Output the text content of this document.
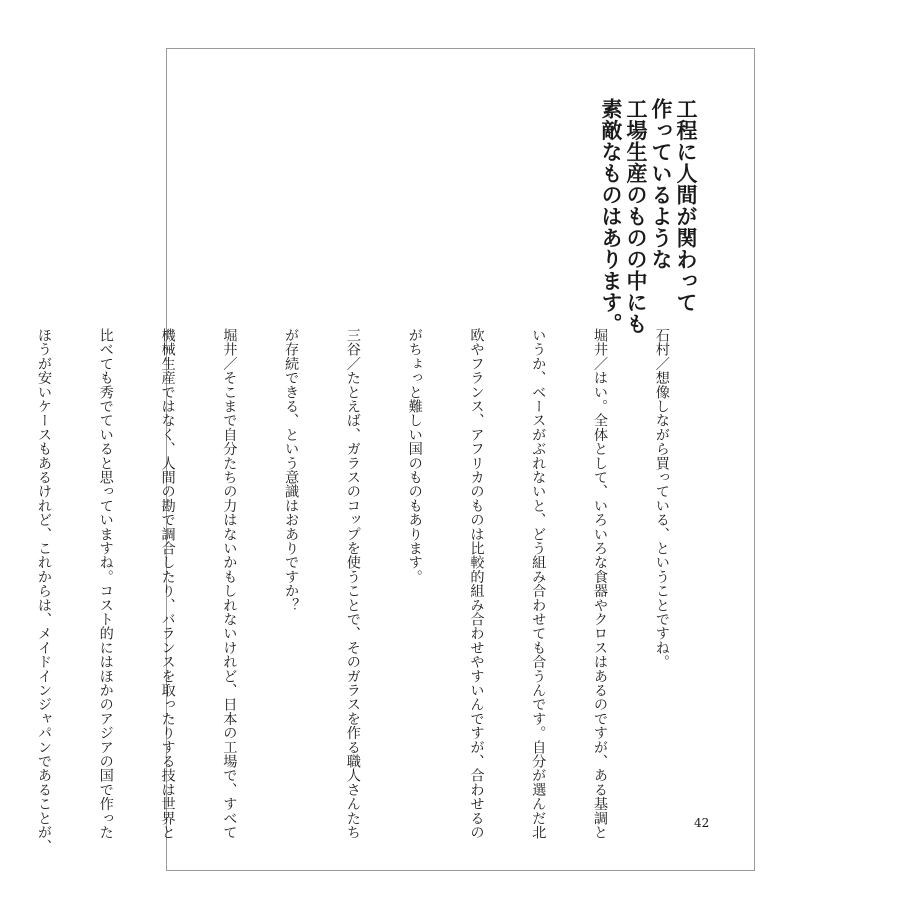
工程に人間が関わって
作っているような
工場生産のものの中にも
素敵なものはあります。

石村／想像しながら買っている、ということですね。

堀井／はい。全体として、いろいろな食器やクロスはあるのですが、ある基調と

いうか、ベースがぶれないと、どう組み合わせても合うんです。自分が選んだ北

欧やフランス、アフリカのものは比較的組み合わせやすいんですが、合わせるの

がちょっと難しい国のものもあります。

三谷／たとえば、ガラスのコップを使うことで、そのガラスを作る職人さんたち

が存続できる、という意識はおありですか？

堀井／そこまで自分たちの力はないかもしれないけれど、日本の工場で、すべて

機械生産ではなく、人間の勘で調合したり、バランスを取ったりする技は世界と

比べても秀でていると思っていますね。コスト的にはほかのアジアの国で作った

ほうが安いケースもあるけれど、これからは、メイドインジャパンであることが、

	42
